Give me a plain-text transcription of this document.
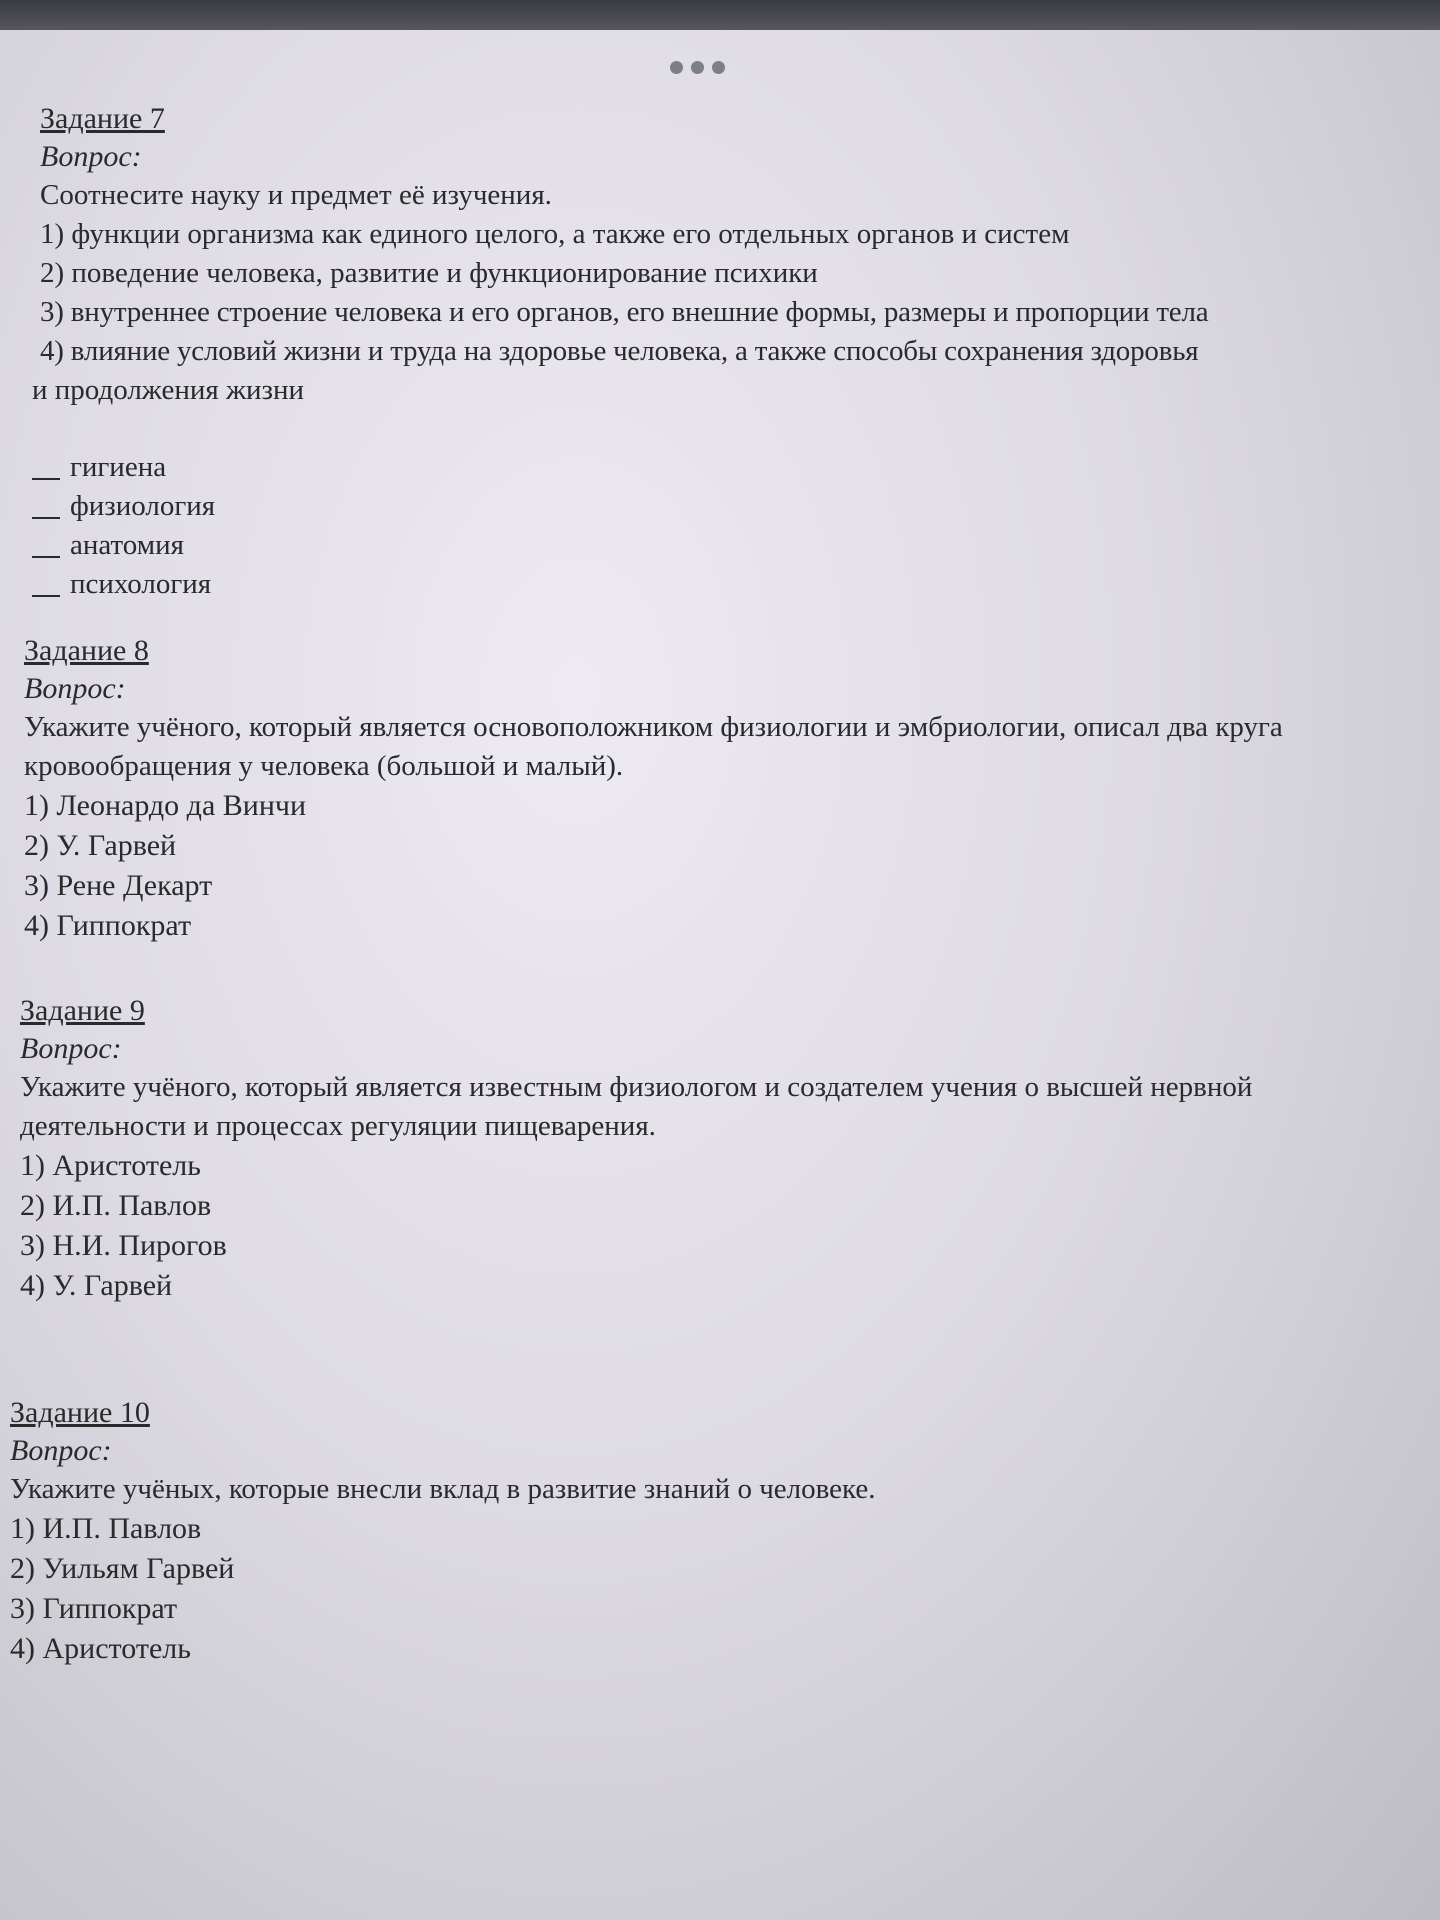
Задание 7
Вопрос:
Соотнесите науку и предмет её изучения.
1) функции организма как единого целого, а также его отдельных органов и систем
2) поведение человека, развитие и функционирование психики
3) внутреннее строение человека и его органов, его внешние формы, размеры и пропорции тела
4) влияние условий жизни и труда на здоровье человека, а также способы сохранения здоровья
и продолжения жизни
гигиена
физиология
анатомия
психология
Задание 8
Вопрос:
Укажите учёного, который является основоположником физиологии и эмбриологии, описал два круга кровообращения у человека (большой и малый).
1) Леонардо да Винчи
2) У. Гарвей
3) Рене Декарт
4) Гиппократ
Задание 9
Вопрос:
Укажите учёного, который является известным физиологом и создателем учения о высшей нервной деятельности и процессах регуляции пищеварения.
1) Аристотель
2) И.П. Павлов
3) Н.И. Пирогов
4) У. Гарвей
Задание 10
Вопрос:
Укажите учёных, которые внесли вклад в развитие знаний о человеке.
1) И.П. Павлов
2) Уильям Гарвей
3) Гиппократ
4) Аристотель
